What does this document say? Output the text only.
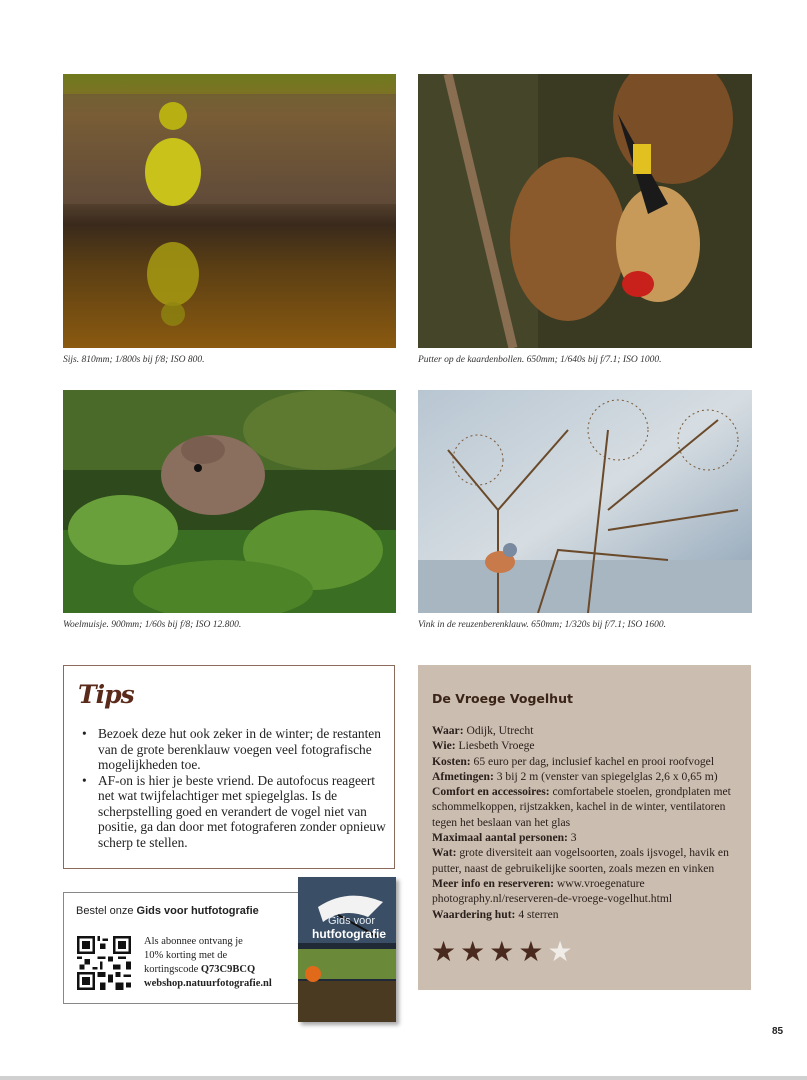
Sijs. 810mm; 1/800s bij f/8; ISO 800.	Putter op de kaardenbollen. 650mm; 1/640s bij f/7.1; ISO 1000.
Woelmuisje. 900mm; 1/60s bij f/8; ISO 12.800.	Vink in de reuzenberenklauw. 650mm; 1/320s bij f/7.1; ISO 1600.
Tips
• Bezoek deze hut ook zeker in de winter; de restanten van de grote berenklauw voegen veel fotografische mogelijkheden toe.
• AF-on is hier je beste vriend. De autofocus reageert net wat twijfelachtiger met spiegelglas. Is de scherpstelling goed en verandert de vogel niet van positie, ga dan door met fotograferen zonder opnieuw scherp te stellen.
Bestel onze Gids voor hutfotografie
Als abonnee ontvang je
10% korting met de
kortingscode Q73C9BCQ
webshop.natuurfotografie.nl
Gids voor
hutfotografie
De Vroege Vogelhut

Waar: Odijk, Utrecht

Wie: Liesbeth Vroege

Kosten: 65 euro per dag, inclusief kachel en prooi roofvogel

Afmetingen: 3 bij 2 m (venster van spiegelglas 2,6 x 0,65 m)

Comfort en accessoires: comfortabele stoelen, grondplaten met schommelkoppen, rijstzakken, kachel in de winter, ventilatoren tegen het beslaan van het glas

Maximaal aantal personen: 3

Wat: grote diversiteit aan vogelsoorten, zoals ijsvogel, havik en putter, naast de gebruikelijke soorten, zoals mezen en vinken

Meer info en reserveren: www.vroegenature photography.nl/reserveren-de-vroege-vogelhut.html

Waardering hut: 4 sterren

★ ★ ★ ★ ★
85
